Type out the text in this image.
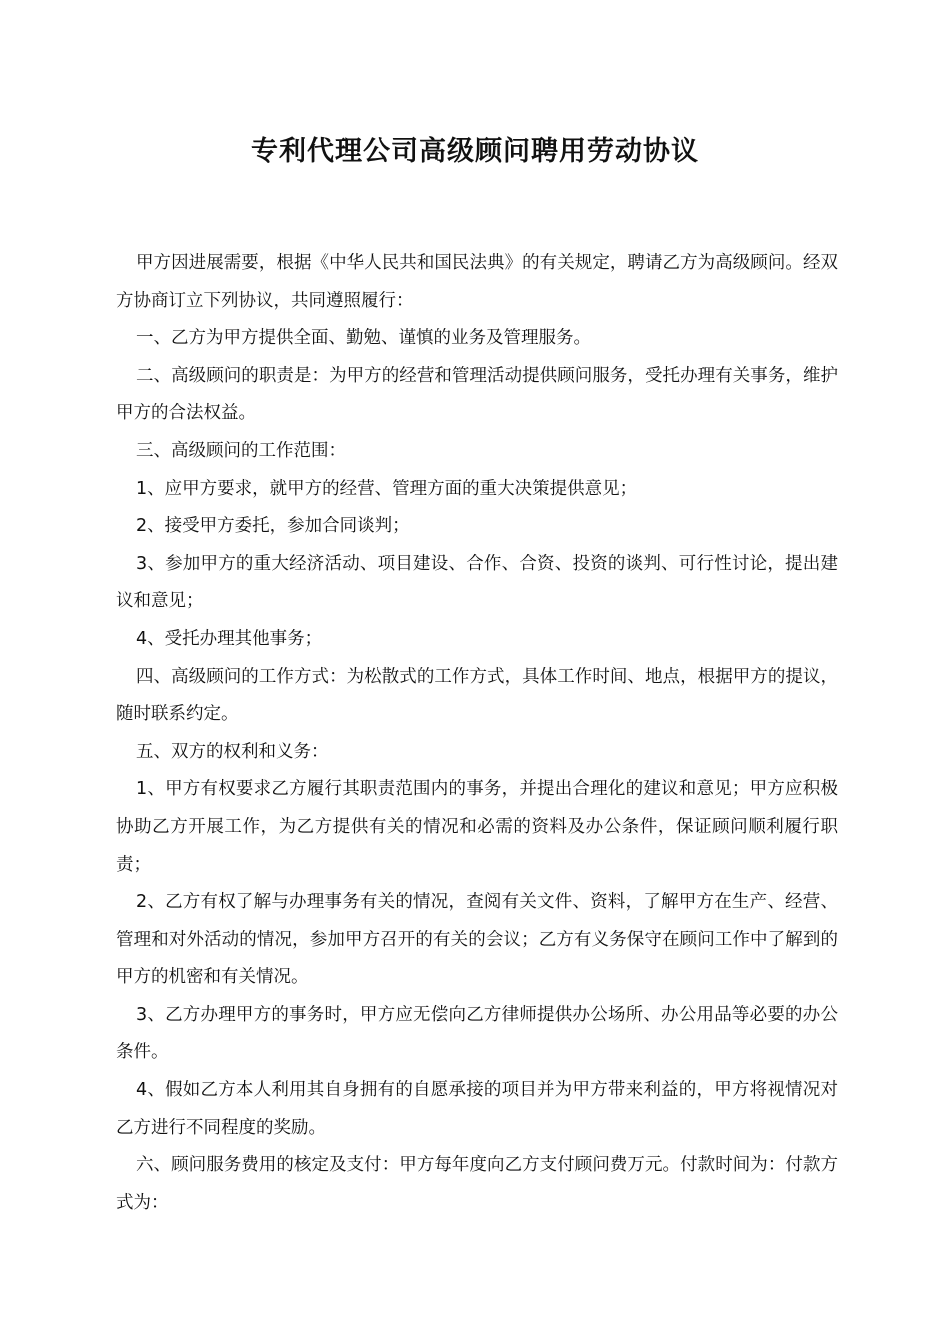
专利代理公司高级顾问聘用劳动协议

甲方因进展需要，根据《中华人民共和国民法典》的有关规定，聘请乙方为高级顾问。经双方协商订立下列协议，共同遵照履行：

一、乙方为甲方提供全面、勤勉、谨慎的业务及管理服务。

二、高级顾问的职责是：为甲方的经营和管理活动提供顾问服务，受托办理有关事务，维护甲方的合法权益。

三、高级顾问的工作范围：

1、应甲方要求，就甲方的经营、管理方面的重大决策提供意见；

2、接受甲方委托，参加合同谈判；

3、参加甲方的重大经济活动、项目建设、合作、合资、投资的谈判、可行性讨论，提出建议和意见；

4、受托办理其他事务；

四、高级顾问的工作方式：为松散式的工作方式，具体工作时间、地点，根据甲方的提议，随时联系约定。

五、双方的权利和义务：

1、甲方有权要求乙方履行其职责范围内的事务，并提出合理化的建议和意见；甲方应积极协助乙方开展工作，为乙方提供有关的情况和必需的资料及办公条件，保证顾问顺利履行职责；

2、乙方有权了解与办理事务有关的情况，查阅有关文件、资料，了解甲方在生产、经营、管理和对外活动的情况，参加甲方召开的有关的会议；乙方有义务保守在顾问工作中了解到的甲方的机密和有关情况。

3、乙方办理甲方的事务时，甲方应无偿向乙方律师提供办公场所、办公用品等必要的办公条件。

4、假如乙方本人利用其自身拥有的自愿承接的项目并为甲方带来利益的，甲方将视情况对乙方进行不同程度的奖励。

六、顾问服务费用的核定及支付：甲方每年度向乙方支付顾问费万元。付款时间为：付款方式为：
